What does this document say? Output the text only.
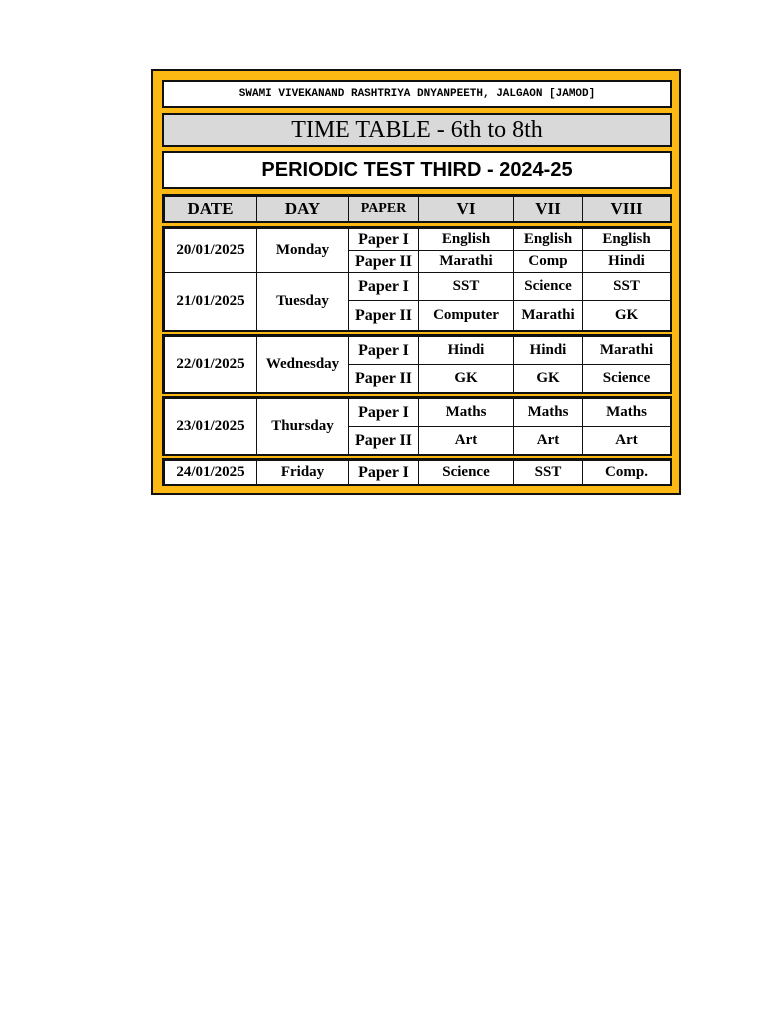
SWAMI VIVEKANAND RASHTRIYA DNYANPEETH, JALGAON [JAMOD]
TIME TABLE - 6th to 8th
PERIODIC TEST THIRD - 2024-25
DATE	DAY	PAPER	VI	VII	VIII
20/01/2025	Monday	Paper I	English	English	English
		Paper II	Marathi	Comp	Hindi
21/01/2025	Tuesday	Paper I	SST	Science	SST
		Paper II	Computer	Marathi	GK
22/01/2025	Wednesday	Paper I	Hindi	Hindi	Marathi
		Paper II	GK	GK	Science
23/01/2025	Thursday	Paper I	Maths	Maths	Maths
		Paper II	Art	Art	Art
24/01/2025	Friday	Paper I	Science	SST	Comp.
